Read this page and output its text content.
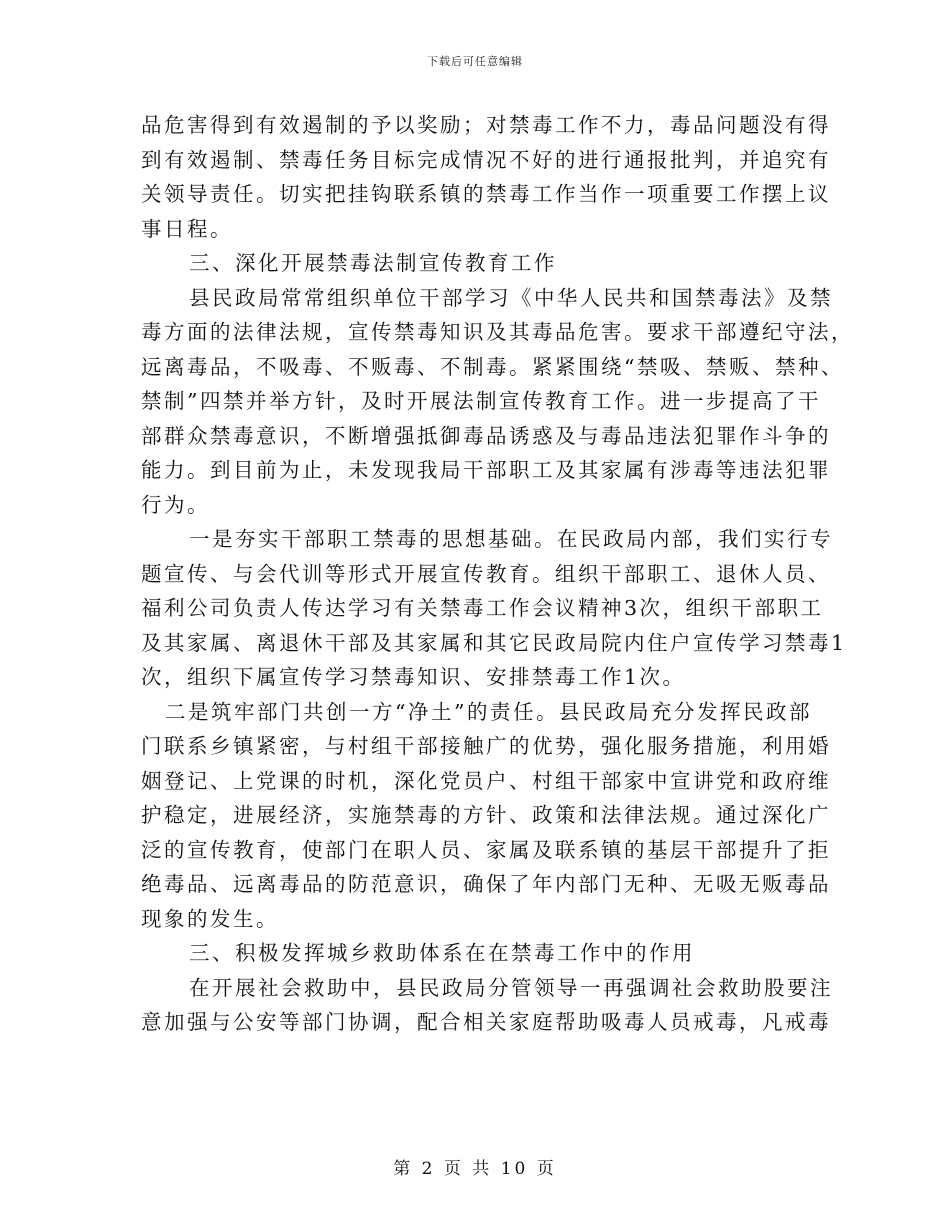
下载后可任意编辑
品危害得到有效遏制的予以奖励；对禁毒工作不力，毒品问题没有得
到有效遏制、禁毒任务目标完成情况不好的进行通报批判，并追究有
关领导责任。切实把挂钩联系镇的禁毒工作当作一项重要工作摆上议
事日程。
三、深化开展禁毒法制宣传教育工作
县民政局常常组织单位干部学习《中华人民共和国禁毒法》及禁
毒方面的法律法规，宣传禁毒知识及其毒品危害。要求干部遵纪守法，
远离毒品，不吸毒、不贩毒、不制毒。紧紧围绕“禁吸、禁贩、禁种、
禁制”四禁并举方针，及时开展法制宣传教育工作。进一步提高了干
部群众禁毒意识，不断增强抵御毒品诱惑及与毒品违法犯罪作斗争的
能力。到目前为止，未发现我局干部职工及其家属有涉毒等违法犯罪
行为。
一是夯实干部职工禁毒的思想基础。在民政局内部，我们实行专
题宣传、与会代训等形式开展宣传教育。组织干部职工、退休人员、
福利公司负责人传达学习有关禁毒工作会议精神3次，组织干部职工
及其家属、离退休干部及其家属和其它民政局院内住户宣传学习禁毒1
次，组织下属宣传学习禁毒知识、安排禁毒工作1次。
二是筑牢部门共创一方“净土”的责任。县民政局充分发挥民政部
门联系乡镇紧密，与村组干部接触广的优势，强化服务措施，利用婚
姻登记、上党课的时机，深化党员户、村组干部家中宣讲党和政府维
护稳定，进展经济，实施禁毒的方针、政策和法律法规。通过深化广
泛的宣传教育，使部门在职人员、家属及联系镇的基层干部提升了拒
绝毒品、远离毒品的防范意识，确保了年内部门无种、无吸无贩毒品
现象的发生。
三、积极发挥城乡救助体系在在禁毒工作中的作用
在开展社会救助中，县民政局分管领导一再强调社会救助股要注
意加强与公安等部门协调，配合相关家庭帮助吸毒人员戒毒，凡戒毒
第 2 页 共 10 页
